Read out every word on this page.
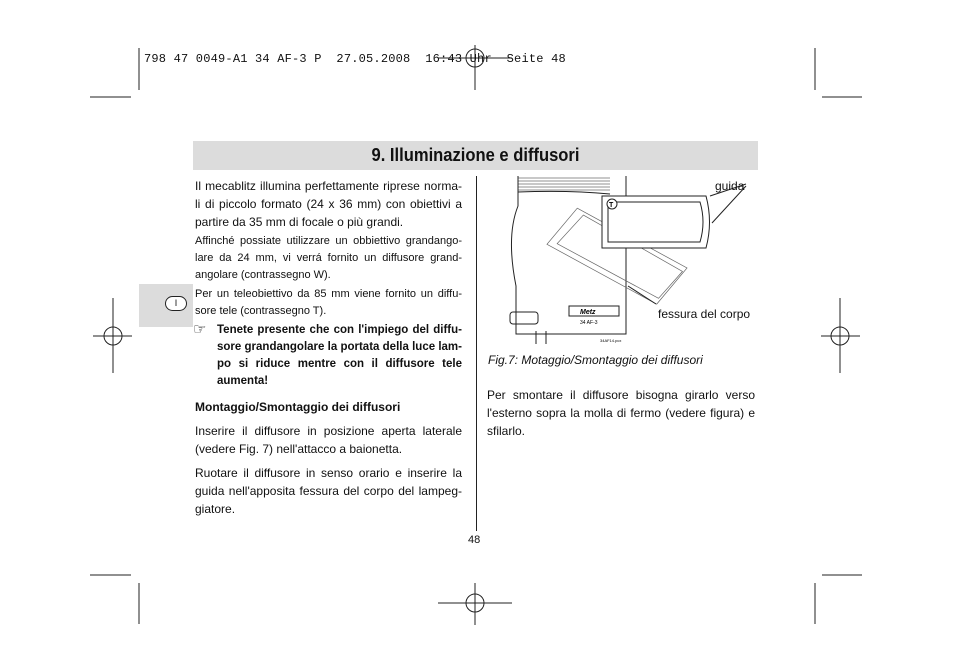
798 47 0049-A1 34 AF-3 P  27.05.2008  16:43 Uhr  Seite 48
9. Illuminazione e diffusori
I

Il mecablitz illumina perfettamente riprese norma-li di piccolo formato (24 x 36 mm) con obiettivi a partire da 35 mm di focale o più grandi.

Affinché possiate utilizzare un obbiettivo grandango-lare da 24 mm, vi verrá fornito un diffusore grand-angolare (contrassegno W).

Per un teleobiettivo da 85 mm viene fornito un diffu-sore tele (contrassegno T).

☞ Tenete presente che con l'impiego del diffu-sore grandangolare la portata della luce lam-po si riduce mentre con il diffusore tele aumenta!

Montaggio/Smontaggio dei diffusori

Inserire il diffusore in posizione aperta laterale (vedere Fig. 7) nell'attacco a baionetta.

Ruotare il diffusore in senso orario e inserire la guida nell'apposita fessura del corpo del lampeg-giatore.

T
Metz
34 AF-3
34AF14.pcx
guida
fessura del corpo
Fig.7: Motaggio/Smontaggio dei diffusori
Per smontare il diffusore bisogna girarlo verso l'esterno sopra la molla di fermo (vedere figura) e sfilarlo.
48
